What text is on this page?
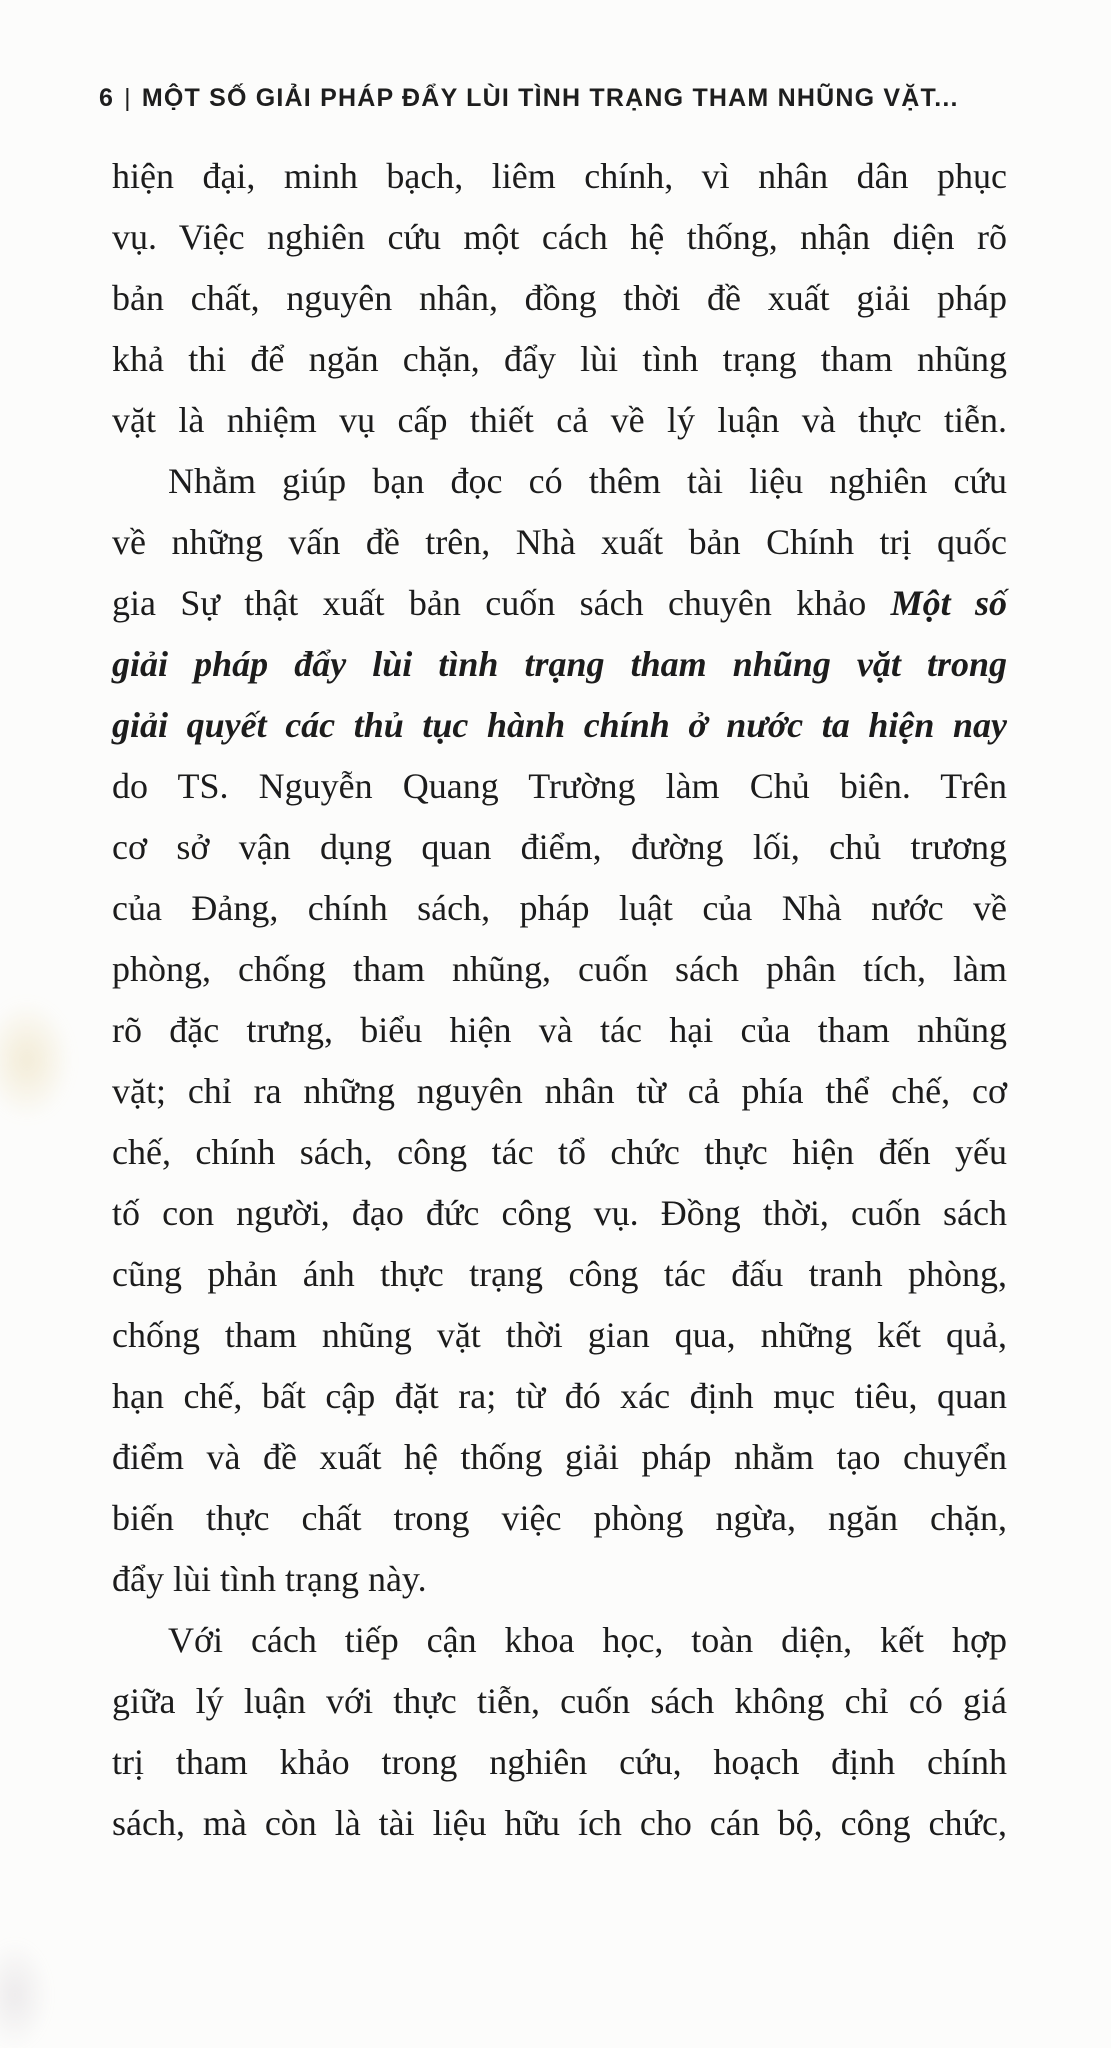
6 | MỘT SỐ GIẢI PHÁP ĐẨY LÙI TÌNH TRẠNG THAM NHŨNG VẶT...
hiện đại, minh bạch, liêm chính, vì nhân dân phục
vụ. Việc nghiên cứu một cách hệ thống, nhận diện rõ
bản chất, nguyên nhân, đồng thời đề xuất giải pháp
khả thi để ngăn chặn, đẩy lùi tình trạng tham nhũng
vặt là nhiệm vụ cấp thiết cả về lý luận và thực tiễn.
Nhằm giúp bạn đọc có thêm tài liệu nghiên cứu
về những vấn đề trên, Nhà xuất bản Chính trị quốc
gia Sự thật xuất bản cuốn sách chuyên khảo Một số
giải pháp đẩy lùi tình trạng tham nhũng vặt trong
giải quyết các thủ tục hành chính ở nước ta hiện nay
do TS. Nguyễn Quang Trường làm Chủ biên. Trên
cơ sở vận dụng quan điểm, đường lối, chủ trương
của Đảng, chính sách, pháp luật của Nhà nước về
phòng, chống tham nhũng, cuốn sách phân tích, làm
rõ đặc trưng, biểu hiện và tác hại của tham nhũng
vặt; chỉ ra những nguyên nhân từ cả phía thể chế, cơ
chế, chính sách, công tác tổ chức thực hiện đến yếu
tố con người, đạo đức công vụ. Đồng thời, cuốn sách
cũng phản ánh thực trạng công tác đấu tranh phòng,
chống tham nhũng vặt thời gian qua, những kết quả,
hạn chế, bất cập đặt ra; từ đó xác định mục tiêu, quan
điểm và đề xuất hệ thống giải pháp nhằm tạo chuyển
biến thực chất trong việc phòng ngừa, ngăn chặn,
đẩy lùi tình trạng này.
Với cách tiếp cận khoa học, toàn diện, kết hợp
giữa lý luận với thực tiễn, cuốn sách không chỉ có giá
trị tham khảo trong nghiên cứu, hoạch định chính
sách, mà còn là tài liệu hữu ích cho cán bộ, công chức,
